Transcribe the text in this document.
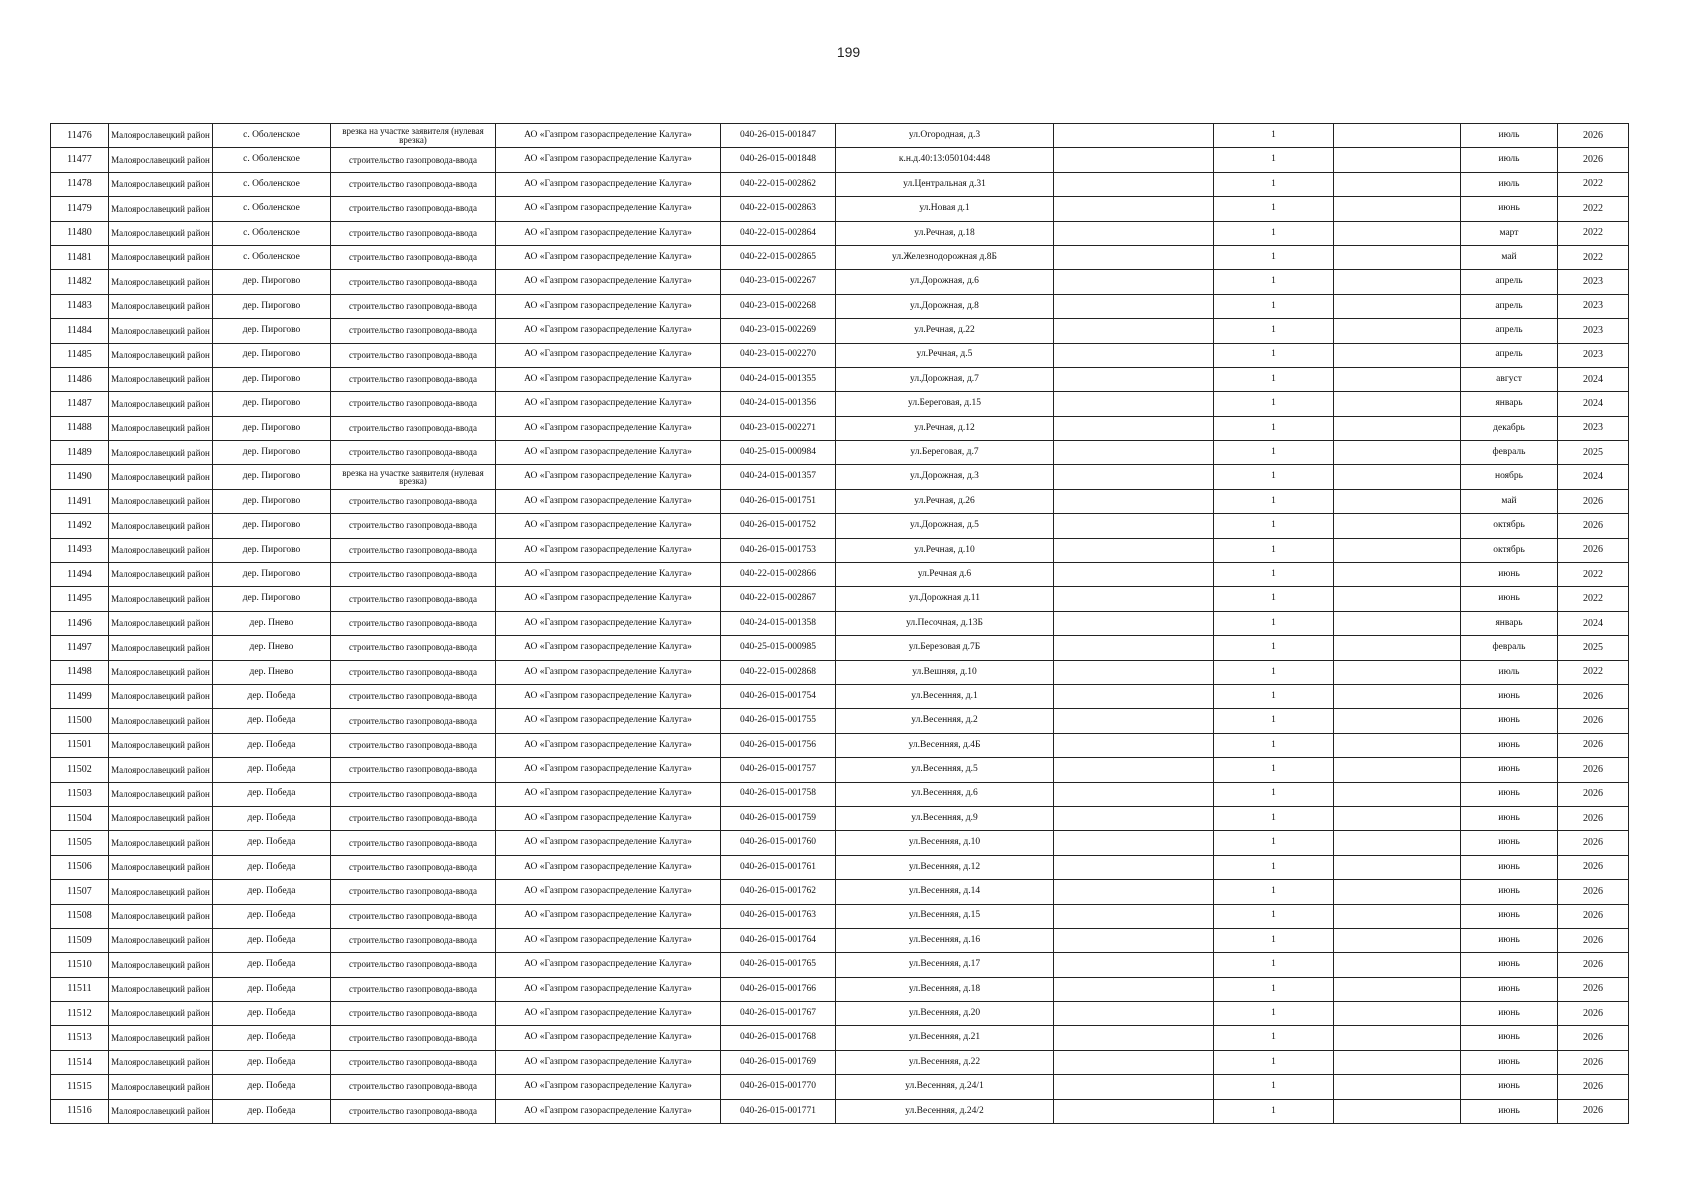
199
11476	Малоярославецкий район	с. Оболенское	врезка на участке заявителя (нулевая врезка)	АО «Газпром газораспределение Калуга»	040-26-015-001847	ул.Огородная, д.3		1		июль	2026
11477	Малоярославецкий район	с. Оболенское	строительство газопровода-ввода	АО «Газпром газораспределение Калуга»	040-26-015-001848	к.н.д.40:13:050104:448		1		июль	2026
11478	Малоярославецкий район	с. Оболенское	строительство газопровода-ввода	АО «Газпром газораспределение Калуга»	040-22-015-002862	ул.Центральная д.31		1		июль	2022
11479	Малоярославецкий район	с. Оболенское	строительство газопровода-ввода	АО «Газпром газораспределение Калуга»	040-22-015-002863	ул.Новая д.1		1		июнь	2022
11480	Малоярославецкий район	с. Оболенское	строительство газопровода-ввода	АО «Газпром газораспределение Калуга»	040-22-015-002864	ул.Речная, д.18		1		март	2022
11481	Малоярославецкий район	с. Оболенское	строительство газопровода-ввода	АО «Газпром газораспределение Калуга»	040-22-015-002865	ул.Железнодорожная д.8Б		1		май	2022
11482	Малоярославецкий район	дер. Пирогово	строительство газопровода-ввода	АО «Газпром газораспределение Калуга»	040-23-015-002267	ул.Дорожная, д.6		1		апрель	2023
11483	Малоярославецкий район	дер. Пирогово	строительство газопровода-ввода	АО «Газпром газораспределение Калуга»	040-23-015-002268	ул.Дорожная, д.8		1		апрель	2023
11484	Малоярославецкий район	дер. Пирогово	строительство газопровода-ввода	АО «Газпром газораспределение Калуга»	040-23-015-002269	ул.Речная, д.22		1		апрель	2023
11485	Малоярославецкий район	дер. Пирогово	строительство газопровода-ввода	АО «Газпром газораспределение Калуга»	040-23-015-002270	ул.Речная, д.5		1		апрель	2023
11486	Малоярославецкий район	дер. Пирогово	строительство газопровода-ввода	АО «Газпром газораспределение Калуга»	040-24-015-001355	ул.Дорожная, д.7		1		август	2024
11487	Малоярославецкий район	дер. Пирогово	строительство газопровода-ввода	АО «Газпром газораспределение Калуга»	040-24-015-001356	ул.Береговая, д.15		1		январь	2024
11488	Малоярославецкий район	дер. Пирогово	строительство газопровода-ввода	АО «Газпром газораспределение Калуга»	040-23-015-002271	ул.Речная, д.12		1		декабрь	2023
11489	Малоярославецкий район	дер. Пирогово	строительство газопровода-ввода	АО «Газпром газораспределение Калуга»	040-25-015-000984	ул.Береговая, д.7		1		февраль	2025
11490	Малоярославецкий район	дер. Пирогово	врезка на участке заявителя (нулевая врезка)	АО «Газпром газораспределение Калуга»	040-24-015-001357	ул.Дорожная, д.3		1		ноябрь	2024
11491	Малоярославецкий район	дер. Пирогово	строительство газопровода-ввода	АО «Газпром газораспределение Калуга»	040-26-015-001751	ул.Речная, д.26		1		май	2026
11492	Малоярославецкий район	дер. Пирогово	строительство газопровода-ввода	АО «Газпром газораспределение Калуга»	040-26-015-001752	ул.Дорожная, д.5		1		октябрь	2026
11493	Малоярославецкий район	дер. Пирогово	строительство газопровода-ввода	АО «Газпром газораспределение Калуга»	040-26-015-001753	ул.Речная, д.10		1		октябрь	2026
11494	Малоярославецкий район	дер. Пирогово	строительство газопровода-ввода	АО «Газпром газораспределение Калуга»	040-22-015-002866	ул.Речная д.6		1		июнь	2022
11495	Малоярославецкий район	дер. Пирогово	строительство газопровода-ввода	АО «Газпром газораспределение Калуга»	040-22-015-002867	ул.Дорожная д.11		1		июнь	2022
11496	Малоярославецкий район	дер. Пнево	строительство газопровода-ввода	АО «Газпром газораспределение Калуга»	040-24-015-001358	ул.Песочная, д.13Б		1		январь	2024
11497	Малоярославецкий район	дер. Пнево	строительство газопровода-ввода	АО «Газпром газораспределение Калуга»	040-25-015-000985	ул.Березовая д.7Б		1		февраль	2025
11498	Малоярославецкий район	дер. Пнево	строительство газопровода-ввода	АО «Газпром газораспределение Калуга»	040-22-015-002868	ул.Вешняя, д.10		1		июль	2022
11499	Малоярославецкий район	дер. Победа	строительство газопровода-ввода	АО «Газпром газораспределение Калуга»	040-26-015-001754	ул.Весенняя, д.1		1		июнь	2026
11500	Малоярославецкий район	дер. Победа	строительство газопровода-ввода	АО «Газпром газораспределение Калуга»	040-26-015-001755	ул.Весенняя, д.2		1		июнь	2026
11501	Малоярославецкий район	дер. Победа	строительство газопровода-ввода	АО «Газпром газораспределение Калуга»	040-26-015-001756	ул.Весенняя, д.4Б		1		июнь	2026
11502	Малоярославецкий район	дер. Победа	строительство газопровода-ввода	АО «Газпром газораспределение Калуга»	040-26-015-001757	ул.Весенняя, д.5		1		июнь	2026
11503	Малоярославецкий район	дер. Победа	строительство газопровода-ввода	АО «Газпром газораспределение Калуга»	040-26-015-001758	ул.Весенняя, д.6		1		июнь	2026
11504	Малоярославецкий район	дер. Победа	строительство газопровода-ввода	АО «Газпром газораспределение Калуга»	040-26-015-001759	ул.Весенняя, д.9		1		июнь	2026
11505	Малоярославецкий район	дер. Победа	строительство газопровода-ввода	АО «Газпром газораспределение Калуга»	040-26-015-001760	ул.Весенняя, д.10		1		июнь	2026
11506	Малоярославецкий район	дер. Победа	строительство газопровода-ввода	АО «Газпром газораспределение Калуга»	040-26-015-001761	ул.Весенняя, д.12		1		июнь	2026
11507	Малоярославецкий район	дер. Победа	строительство газопровода-ввода	АО «Газпром газораспределение Калуга»	040-26-015-001762	ул.Весенняя, д.14		1		июнь	2026
11508	Малоярославецкий район	дер. Победа	строительство газопровода-ввода	АО «Газпром газораспределение Калуга»	040-26-015-001763	ул.Весенняя, д.15		1		июнь	2026
11509	Малоярославецкий район	дер. Победа	строительство газопровода-ввода	АО «Газпром газораспределение Калуга»	040-26-015-001764	ул.Весенняя, д.16		1		июнь	2026
11510	Малоярославецкий район	дер. Победа	строительство газопровода-ввода	АО «Газпром газораспределение Калуга»	040-26-015-001765	ул.Весенняя, д.17		1		июнь	2026
11511	Малоярославецкий район	дер. Победа	строительство газопровода-ввода	АО «Газпром газораспределение Калуга»	040-26-015-001766	ул.Весенняя, д.18		1		июнь	2026
11512	Малоярославецкий район	дер. Победа	строительство газопровода-ввода	АО «Газпром газораспределение Калуга»	040-26-015-001767	ул.Весенняя, д.20		1		июнь	2026
11513	Малоярославецкий район	дер. Победа	строительство газопровода-ввода	АО «Газпром газораспределение Калуга»	040-26-015-001768	ул.Весенняя, д.21		1		июнь	2026
11514	Малоярославецкий район	дер. Победа	строительство газопровода-ввода	АО «Газпром газораспределение Калуга»	040-26-015-001769	ул.Весенняя, д.22		1		июнь	2026
11515	Малоярославецкий район	дер. Победа	строительство газопровода-ввода	АО «Газпром газораспределение Калуга»	040-26-015-001770	ул.Весенняя, д.24/1		1		июнь	2026
11516	Малоярославецкий район	дер. Победа	строительство газопровода-ввода	АО «Газпром газораспределение Калуга»	040-26-015-001771	ул.Весенняя, д.24/2		1		июнь	2026
